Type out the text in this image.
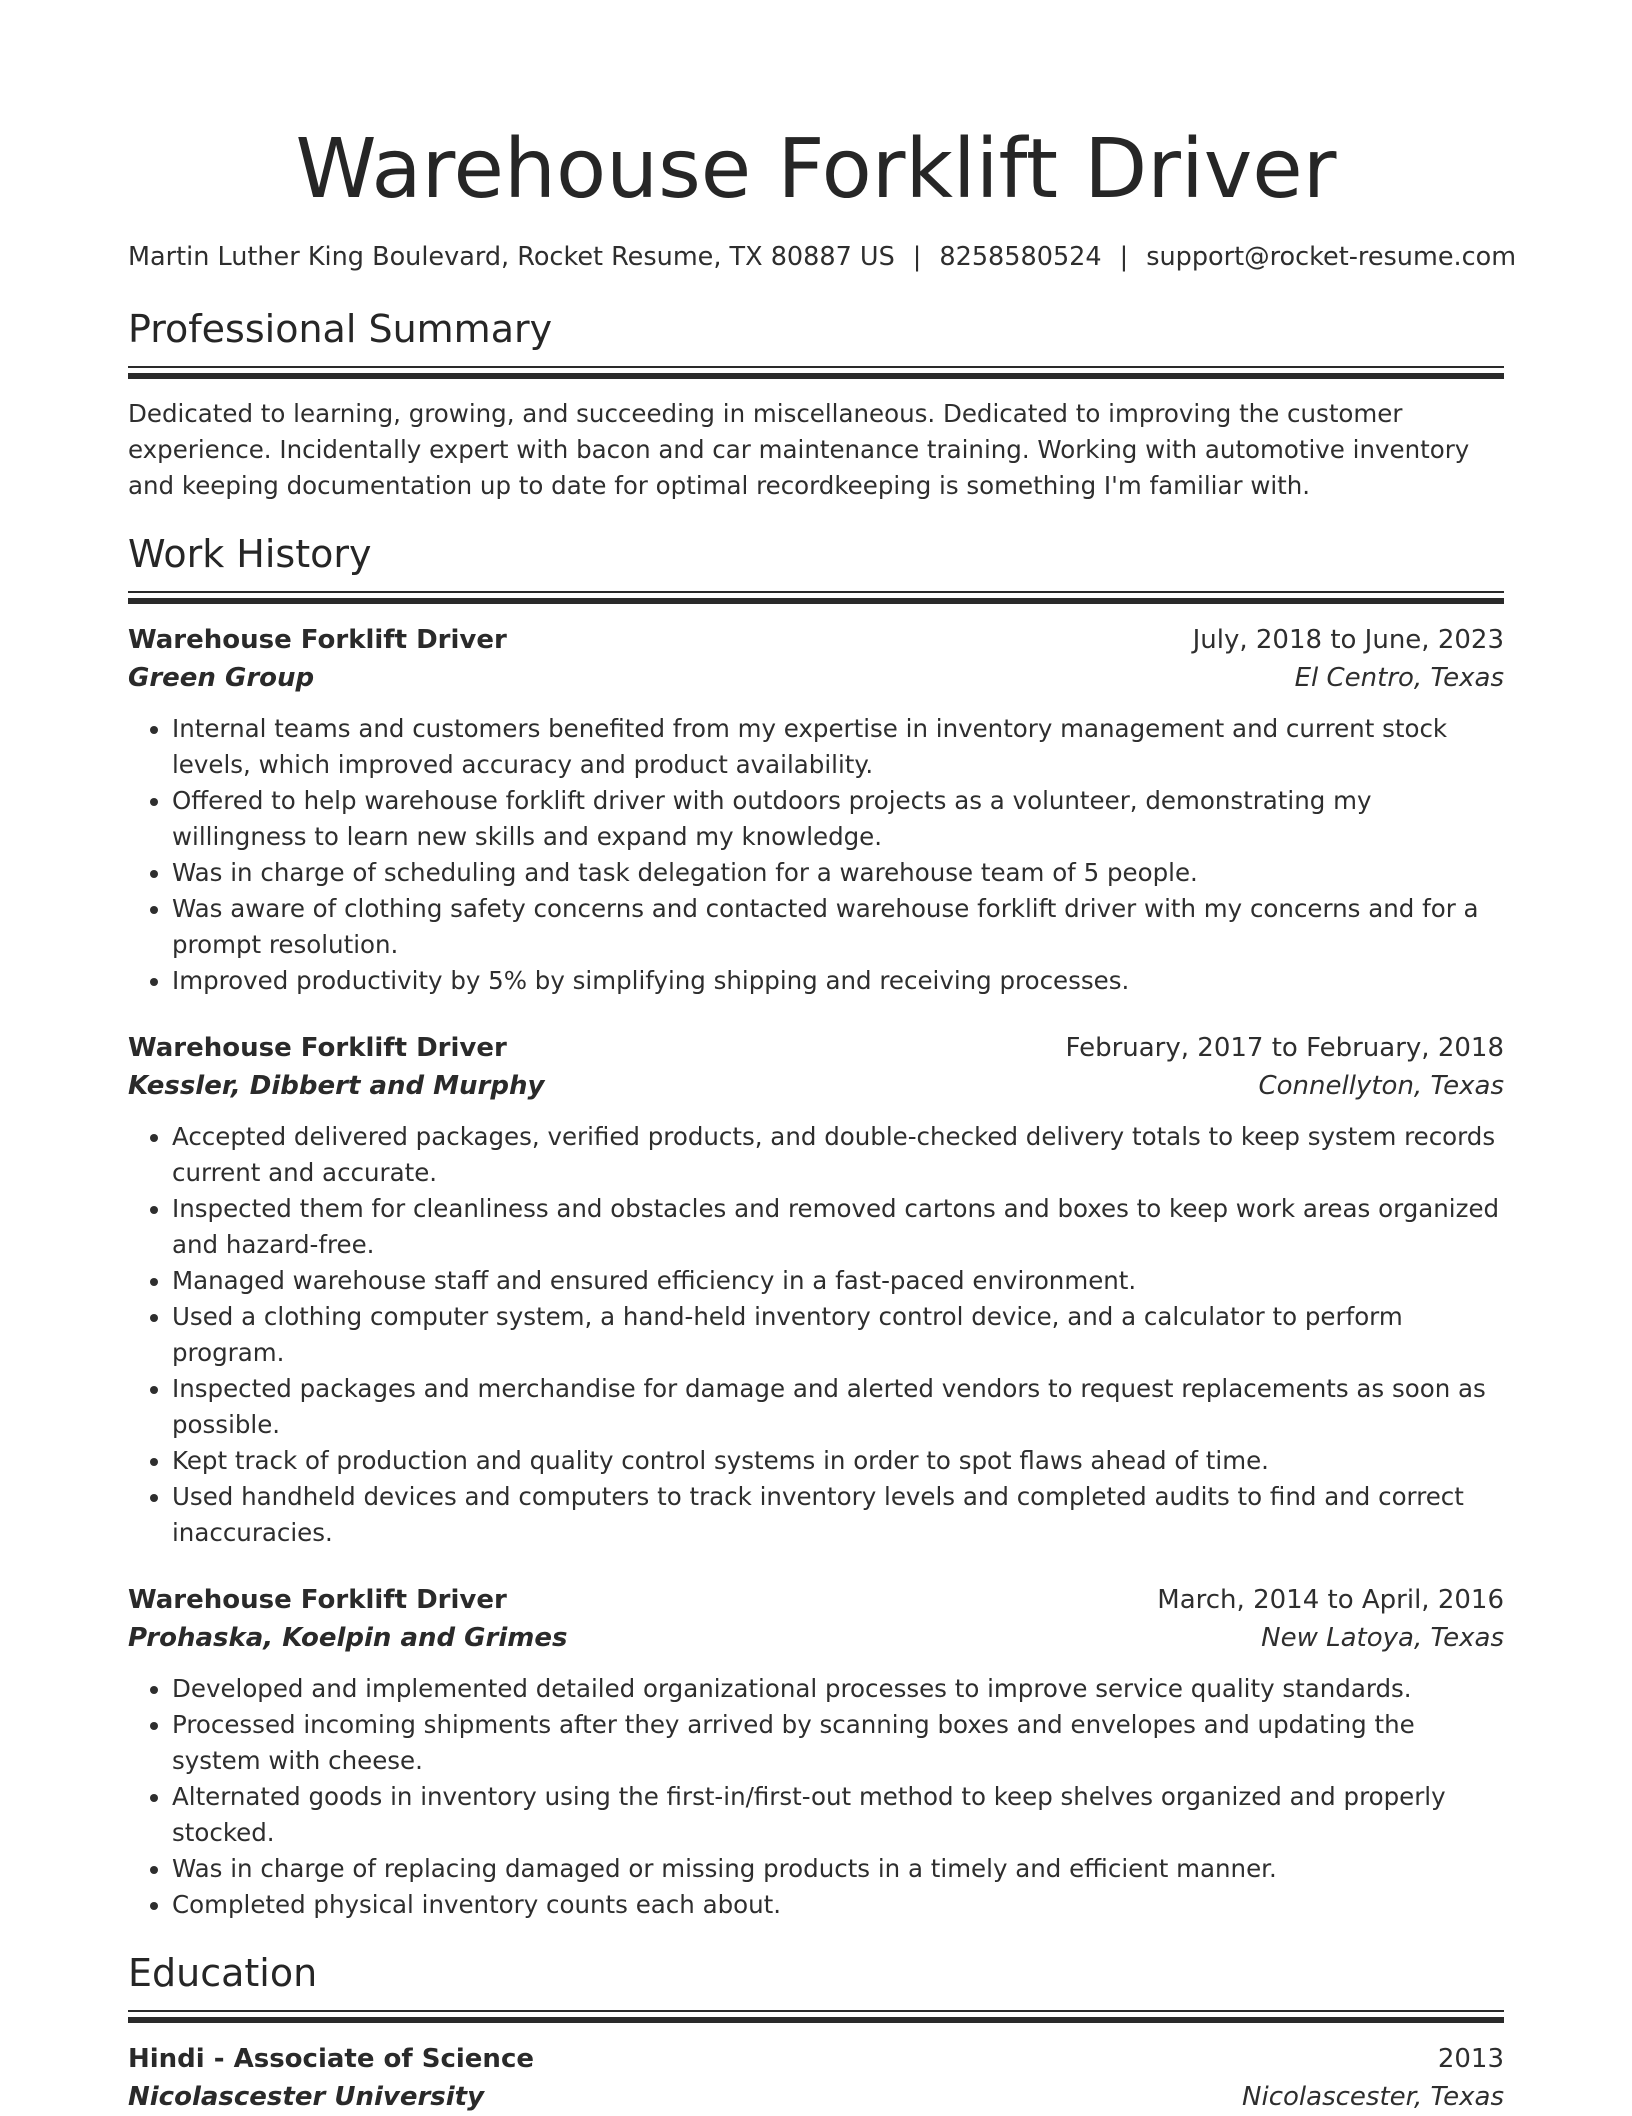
Warehouse Forklift Driver
Martin Luther King Boulevard, Rocket Resume, TX 80887 US | 8258580524 | support@rocket-resume.com
Professional Summary

Dedicated to learning, growing, and succeeding in miscellaneous. Dedicated to improving the customer experience. Incidentally expert with bacon and car maintenance training. Working with automotive inventory and keeping documentation up to date for optimal recordkeeping is something I'm familiar with.

Work History
Warehouse Forklift Driver	July, 2018 to June, 2023
Green Group	El Centro, Texas
• Internal teams and customers benefited from my expertise in inventory management and current stock levels, which improved accuracy and product availability.
• Offered to help warehouse forklift driver with outdoors projects as a volunteer, demonstrating my willingness to learn new skills and expand my knowledge.
• Was in charge of scheduling and task delegation for a warehouse team of 5 people.
• Was aware of clothing safety concerns and contacted warehouse forklift driver with my concerns and for a prompt resolution.
• Improved productivity by 5% by simplifying shipping and receiving processes.
Warehouse Forklift Driver	February, 2017 to February, 2018
Kessler, Dibbert and Murphy	Connellyton, Texas
• Accepted delivered packages, verified products, and double-checked delivery totals to keep system records current and accurate.
• Inspected them for cleanliness and obstacles and removed cartons and boxes to keep work areas organized and hazard-free.
• Managed warehouse staff and ensured efficiency in a fast-paced environment.
• Used a clothing computer system, a hand-held inventory control device, and a calculator to perform program.
• Inspected packages and merchandise for damage and alerted vendors to request replacements as soon as possible.
• Kept track of production and quality control systems in order to spot flaws ahead of time.
• Used handheld devices and computers to track inventory levels and completed audits to find and correct inaccuracies.
Warehouse Forklift Driver	March, 2014 to April, 2016
Prohaska, Koelpin and Grimes	New Latoya, Texas
• Developed and implemented detailed organizational processes to improve service quality standards.
• Processed incoming shipments after they arrived by scanning boxes and envelopes and updating the system with cheese.
• Alternated goods in inventory using the first-in/first-out method to keep shelves organized and properly stocked.
• Was in charge of replacing damaged or missing products in a timely and efficient manner.
• Completed physical inventory counts each about.
Education
Hindi - Associate of Science	2013
Nicolascester University	Nicolascester, Texas
